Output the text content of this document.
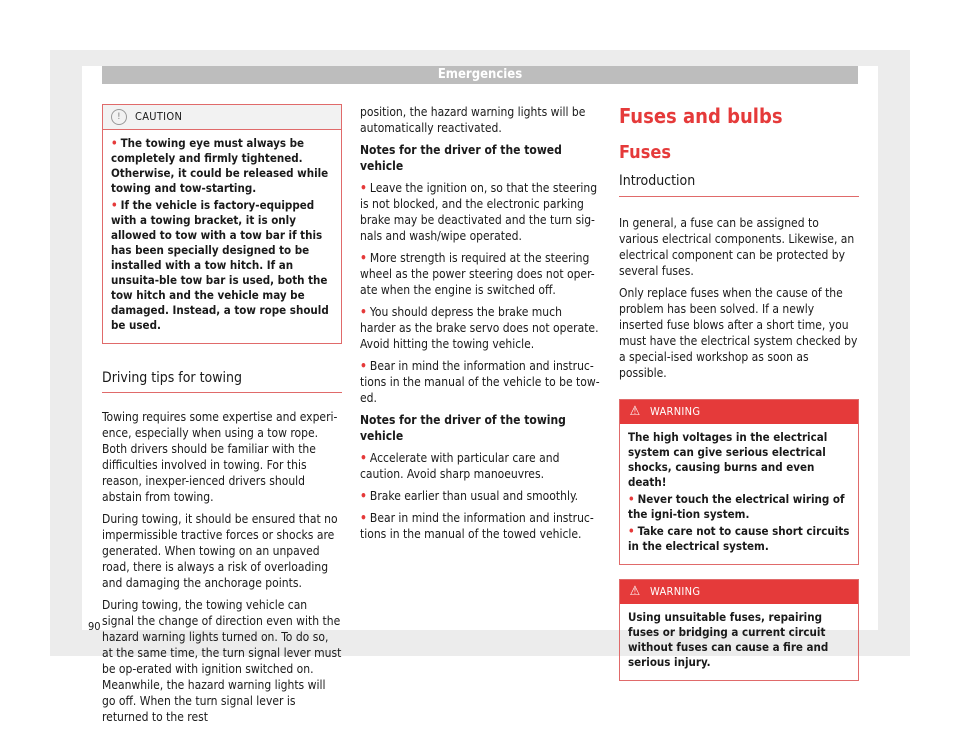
Emergencies
!	CAUTION

• The towing eye must always be completely and firmly tightened. Otherwise, it could be released while towing and tow-starting.

• If the vehicle is factory-equipped with a towing bracket, it is only allowed to tow with a tow bar if this has been specially designed to be installed with a tow hitch. If an unsuita-ble tow bar is used, both the tow hitch and the vehicle may be damaged. Instead, a tow rope should be used.

Driving tips for towing

Towing requires some expertise and experi-ence, especially when using a tow rope. Both drivers should be familiar with the difficulties involved in towing. For this reason, inexper-ienced drivers should abstain from towing.

During towing, it should be ensured that no impermissible tractive forces or shocks are generated. When towing on an unpaved road, there is always a risk of overloading and damaging the anchorage points.

During towing, the towing vehicle can signal the change of direction even with the hazard warning lights turned on. To do so, at the same time, the turn signal lever must be op-erated with ignition switched on. Meanwhile, the hazard warning lights will go off. When the turn signal lever is returned to the rest

position, the hazard warning lights will be automatically reactivated.

Notes for the driver of the towed vehicle

• Leave the ignition on, so that the steering is not blocked, and the electronic parking brake may be deactivated and the turn sig-nals and wash/wipe operated.

• More strength is required at the steering wheel as the power steering does not oper-ate when the engine is switched off.

• You should depress the brake much harder as the brake servo does not operate. Avoid hitting the towing vehicle.

• Bear in mind the information and instruc-tions in the manual of the vehicle to be tow-ed.

Notes for the driver of the towing vehicle

• Accelerate with particular care and caution. Avoid sharp manoeuvres.

• Brake earlier than usual and smoothly.

• Bear in mind the information and instruc-tions in the manual of the towed vehicle.

Fuses and bulbs
Fuses
Introduction

In general, a fuse can be assigned to various electrical components. Likewise, an electrical component can be protected by several fuses.

Only replace fuses when the cause of the problem has been solved. If a newly inserted fuse blows after a short time, you must have the electrical system checked by a special-ised workshop as soon as possible.

⚠ WARNING

The high voltages in the electrical system can give serious electrical shocks, causing burns and even death!

• Never touch the electrical wiring of the igni-tion system.

• Take care not to cause short circuits in the electrical system.

⚠ WARNING

Using unsuitable fuses, repairing fuses or bridging a current circuit without fuses can cause a fire and serious injury.

90
